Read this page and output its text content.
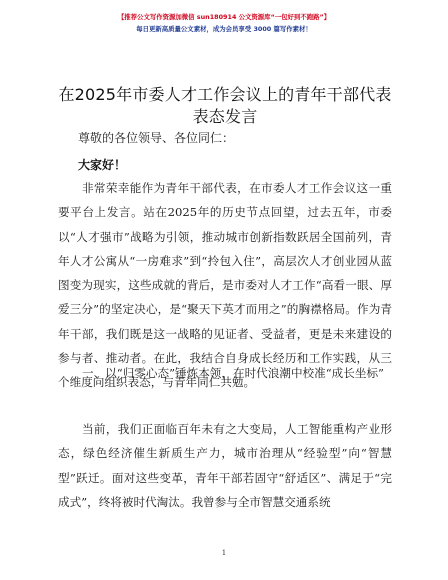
【推荐公文写作资源加微信 sun180914 公文资源库“一包好到不跑路”】
每日更新高质量公文素材，成为会员享受 3000 篇写作素材！
在2025年市委人才工作会议上的青年干部代表表态发言
尊敬的各位领导、各位同仁：
大家好！
非常荣幸能作为青年干部代表，在市委人才工作会议这一重要平台上发言。站在2025年的历史节点回望，过去五年，市委以“人才强市”战略为引领，推动城市创新指数跃居全国前列，青年人才公寓从“一房难求”到“拎包入住”，高层次人才创业园从蓝图变为现实，这些成就的背后，是市委对人才工作“高看一眼、厚爱三分”的坚定决心，是“聚天下英才而用之”的胸襟格局。作为青年干部，我们既是这一战略的见证者、受益者，更是未来建设的参与者、推动者。在此，我结合自身成长经历和工作实践，从三个维度向组织表态，与青年同仁共勉。
一、以“归零心态”锤炼本领，在时代浪潮中校准“成长坐标”
当前，我们正面临百年未有之大变局，人工智能重构产业形态，绿色经济催生新质生产力，城市治理从“经验型”向“智慧型”跃迁。面对这些变革，青年干部若固守“舒适区”、满足于“完成式”，终将被时代淘汰。我曾参与全市智慧交通系统
1
